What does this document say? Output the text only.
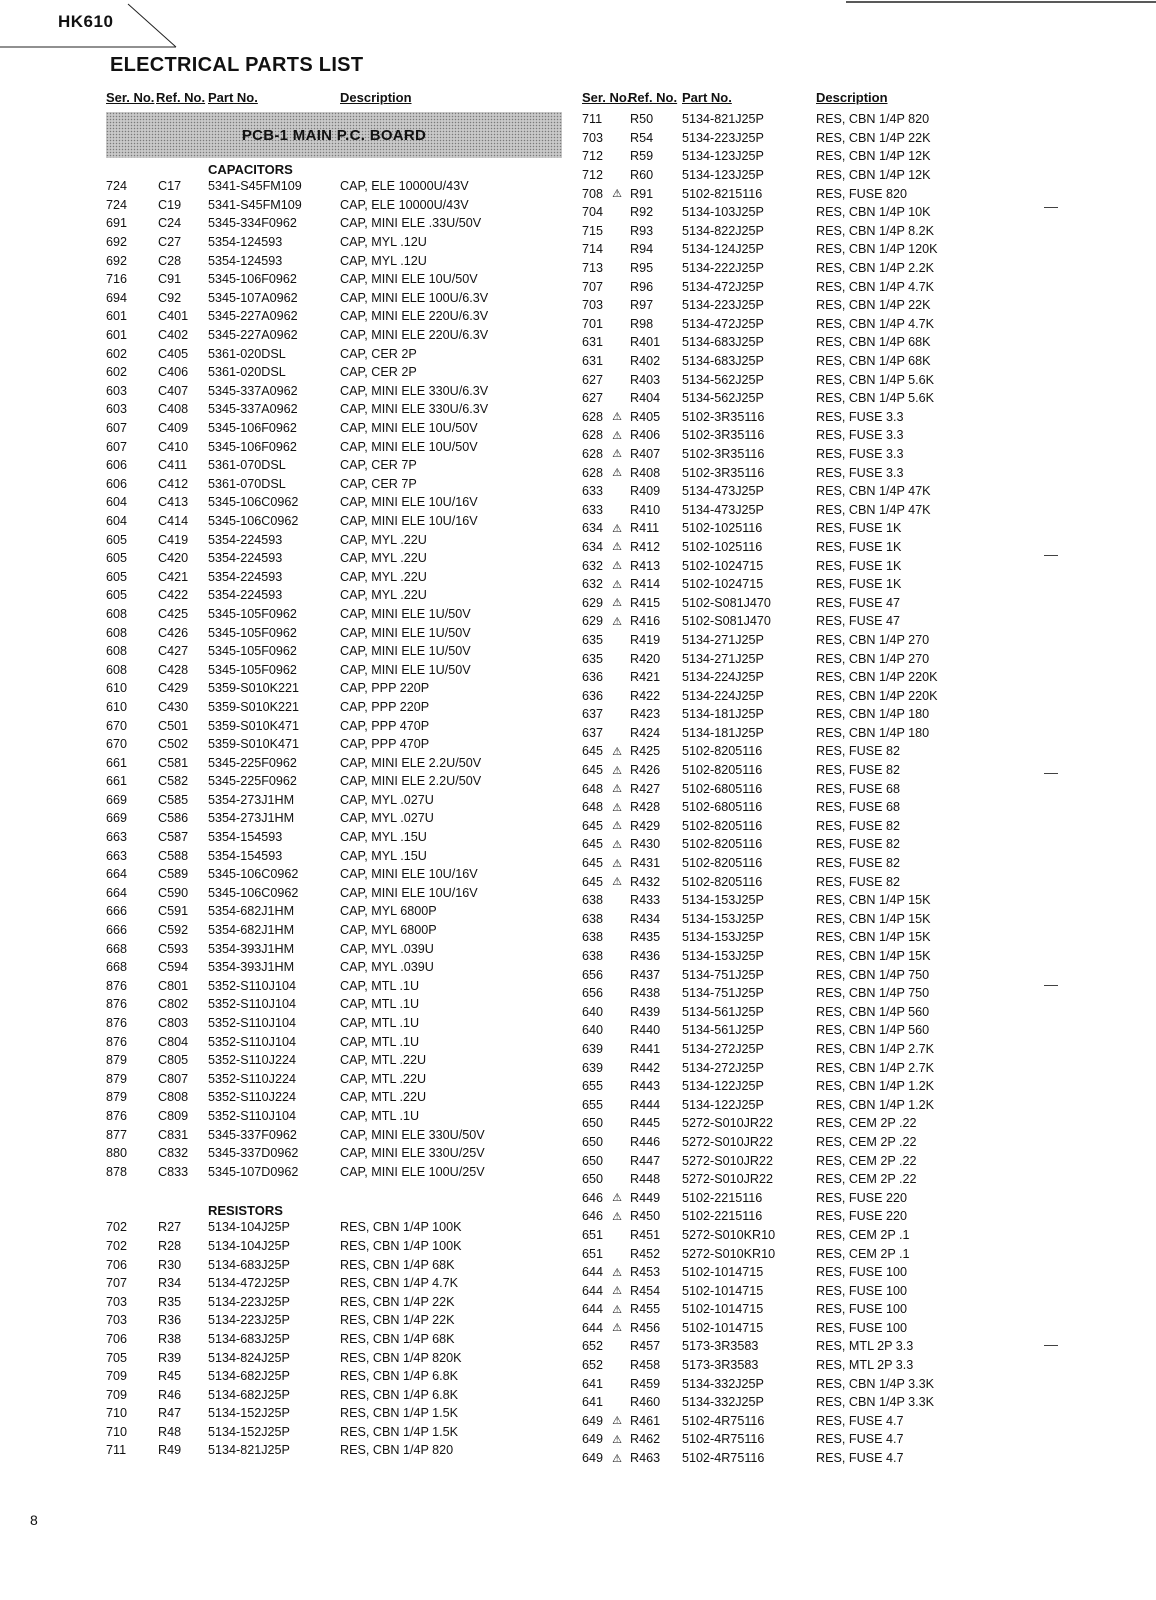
HK610
ELECTRICAL PARTS LIST
PCB-1 MAIN P.C. BOARD
Ser. No. Ref. No. Part No.	Description
CAPACITORS
724	C17 5341-S45FM109	CAP, ELE 10000U/43V
724	C19 5341-S45FM109	CAP, ELE 10000U/43V
691	C24 5345-334F0962	CAP, MINI ELE .33U/50V
692	C27 5354-124593	CAP, MYL .12U
692	C28 5354-124593	CAP, MYL .12U
716	C91 5345-106F0962	CAP, MINI ELE 10U/50V
694	C92 5345-107A0962	CAP, MINI ELE 100U/6.3V
601	C401 5345-227A0962	CAP, MINI ELE 220U/6.3V
601	C402 5345-227A0962	CAP, MINI ELE 220U/6.3V
602	C405 5361-020DSL	CAP, CER 2P
602	C406 5361-020DSL	CAP, CER 2P
603	C407 5345-337A0962	CAP, MINI ELE 330U/6.3V
603	C408 5345-337A0962	CAP, MINI ELE 330U/6.3V
607	C409 5345-106F0962	CAP, MINI ELE 10U/50V
607	C410 5345-106F0962	CAP, MINI ELE 10U/50V
606	C411 5361-070DSL	CAP, CER 7P
606	C412 5361-070DSL	CAP, CER 7P
604	C413 5345-106C0962	CAP, MINI ELE 10U/16V
604	C414 5345-106C0962	CAP, MINI ELE 10U/16V
605	C419 5354-224593	CAP, MYL .22U
605	C420 5354-224593	CAP, MYL .22U
605	C421 5354-224593	CAP, MYL .22U
605	C422 5354-224593	CAP, MYL .22U
608	C425 5345-105F0962	CAP, MINI ELE 1U/50V
608	C426 5345-105F0962	CAP, MINI ELE 1U/50V
608	C427 5345-105F0962	CAP, MINI ELE 1U/50V
608	C428 5345-105F0962	CAP, MINI ELE 1U/50V
610	C429 5359-S010K221	CAP, PPP 220P
610	C430 5359-S010K221	CAP, PPP 220P
670	C501 5359-S010K471	CAP, PPP 470P
670	C502 5359-S010K471	CAP, PPP 470P
661	C581 5345-225F0962	CAP, MINI ELE 2.2U/50V
661	C582 5345-225F0962	CAP, MINI ELE 2.2U/50V
669	C585 5354-273J1HM	CAP, MYL .027U
669	C586 5354-273J1HM	CAP, MYL .027U
663	C587 5354-154593	CAP, MYL .15U
663	C588 5354-154593	CAP, MYL .15U
664	C589 5345-106C0962	CAP, MINI ELE 10U/16V
664	C590 5345-106C0962	CAP, MINI ELE 10U/16V
666	C591 5354-682J1HM	CAP, MYL 6800P
666	C592 5354-682J1HM	CAP, MYL 6800P
668	C593 5354-393J1HM	CAP, MYL .039U
668	C594 5354-393J1HM	CAP, MYL .039U
876	C801 5352-S110J104	CAP, MTL .1U
876	C802 5352-S110J104	CAP, MTL .1U
876	C803 5352-S110J104	CAP, MTL .1U
876	C804 5352-S110J104	CAP, MTL .1U
879	C805 5352-S110J224	CAP, MTL .22U
879	C807 5352-S110J224	CAP, MTL .22U
879	C808 5352-S110J224	CAP, MTL .22U
876	C809 5352-S110J104	CAP, MTL .1U
877	C831 5345-337F0962	CAP, MINI ELE 330U/50V
880	C832 5345-337D0962	CAP, MINI ELE 330U/25V
878	C833 5345-107D0962	CAP, MINI ELE 100U/25V
RESISTORS
702	R27 5134-104J25P	RES, CBN 1/4P 100K
702	R28 5134-104J25P	RES, CBN 1/4P 100K
706	R30 5134-683J25P	RES, CBN 1/4P 68K
707	R34 5134-472J25P	RES, CBN 1/4P 4.7K
703	R35 5134-223J25P	RES, CBN 1/4P 22K
703	R36 5134-223J25P	RES, CBN 1/4P 22K
706	R38 5134-683J25P	RES, CBN 1/4P 68K
705	R39 5134-824J25P	RES, CBN 1/4P 820K
709	R45 5134-682J25P	RES, CBN 1/4P 6.8K
709	R46 5134-682J25P	RES, CBN 1/4P 6.8K
710	R47 5134-152J25P	RES, CBN 1/4P 1.5K
710	R48 5134-152J25P	RES, CBN 1/4P 1.5K
711	R49 5134-821J25P	RES, CBN 1/4P 820
Ser. No.
Ref. No. Part No.	Description
711	R50 5134-821J25P	RES, CBN 1/4P 820
703	R54 5134-223J25P	RES, CBN 1/4P 22K
712	R59 5134-123J25P	RES, CBN 1/4P 12K
712	R60 5134-123J25P	RES, CBN 1/4P 12K
708 ⚠ R91 5102-8215116	RES, FUSE 820
704	R92 5134-103J25P	RES, CBN 1/4P 10K
715	R93 5134-822J25P	RES, CBN 1/4P 8.2K
714	R94 5134-124J25P	RES, CBN 1/4P 120K
713	R95 5134-222J25P	RES, CBN 1/4P 2.2K
707	R96 5134-472J25P	RES, CBN 1/4P 4.7K
703	R97 5134-223J25P	RES, CBN 1/4P 22K
701	R98 5134-472J25P	RES, CBN 1/4P 4.7K
631	R401 5134-683J25P	RES, CBN 1/4P 68K
631	R402 5134-683J25P	RES, CBN 1/4P 68K
627	R403 5134-562J25P	RES, CBN 1/4P 5.6K
627	R404 5134-562J25P	RES, CBN 1/4P 5.6K
628 ⚠ R405 5102-3R35116	RES, FUSE 3.3
628 ⚠ R406 5102-3R35116	RES, FUSE 3.3
628 ⚠ R407 5102-3R35116	RES, FUSE 3.3
628 ⚠ R408 5102-3R35116	RES, FUSE 3.3
633	R409 5134-473J25P	RES, CBN 1/4P 47K
633	R410 5134-473J25P	RES, CBN 1/4P 47K
634 ⚠ R411 5102-1025116	RES, FUSE 1K
634 ⚠ R412 5102-1025116	RES, FUSE 1K
632 ⚠ R413 5102-1024715	RES, FUSE 1K
632 ⚠ R414 5102-1024715	RES, FUSE 1K
629 ⚠ R415 5102-S081J470	RES, FUSE 47
629 ⚠ R416 5102-S081J470	RES, FUSE 47
635	R419 5134-271J25P	RES, CBN 1/4P 270
635	R420 5134-271J25P	RES, CBN 1/4P 270
636	R421 5134-224J25P	RES, CBN 1/4P 220K
636	R422 5134-224J25P	RES, CBN 1/4P 220K
637	R423 5134-181J25P	RES, CBN 1/4P 180
637	R424 5134-181J25P	RES, CBN 1/4P 180
645 ⚠ R425 5102-8205116	RES, FUSE 82
645 ⚠ R426 5102-8205116	RES, FUSE 82
648 ⚠ R427 5102-6805116	RES, FUSE 68
648 ⚠ R428 5102-6805116	RES, FUSE 68
645 ⚠ R429 5102-8205116	RES, FUSE 82
645 ⚠ R430 5102-8205116	RES, FUSE 82
645 ⚠ R431 5102-8205116	RES, FUSE 82
645 ⚠ R432 5102-8205116	RES, FUSE 82
638	R433 5134-153J25P	RES, CBN 1/4P 15K
638	R434 5134-153J25P	RES, CBN 1/4P 15K
638	R435 5134-153J25P	RES, CBN 1/4P 15K
638	R436 5134-153J25P	RES, CBN 1/4P 15K
656	R437 5134-751J25P	RES, CBN 1/4P 750
656	R438 5134-751J25P	RES, CBN 1/4P 750
640	R439 5134-561J25P	RES, CBN 1/4P 560
640	R440 5134-561J25P	RES, CBN 1/4P 560
639	R441 5134-272J25P	RES, CBN 1/4P 2.7K
639	R442 5134-272J25P	RES, CBN 1/4P 2.7K
655	R443 5134-122J25P	RES, CBN 1/4P 1.2K
655	R444 5134-122J25P	RES, CBN 1/4P 1.2K
650	R445 5272-S010JR22	RES, CEM 2P .22
650	R446 5272-S010JR22	RES, CEM 2P .22
650	R447 5272-S010JR22	RES, CEM 2P .22
650	R448 5272-S010JR22	RES, CEM 2P .22
646 ⚠ R449 5102-2215116	RES, FUSE 220
646 ⚠ R450 5102-2215116	RES, FUSE 220
651	R451 5272-S010KR10	RES, CEM 2P .1
651	R452 5272-S010KR10	RES, CEM 2P .1
644 ⚠ R453 5102-1014715	RES, FUSE 100
644 ⚠ R454 5102-1014715	RES, FUSE 100
644 ⚠ R455 5102-1014715	RES, FUSE 100
644 ⚠ R456 5102-1014715	RES, FUSE 100
652	R457 5173-3R3583	RES, MTL 2P 3.3
652	R458 5173-3R3583	RES, MTL 2P 3.3
641	R459 5134-332J25P	RES, CBN 1/4P 3.3K
641	R460 5134-332J25P	RES, CBN 1/4P 3.3K
649 ⚠ R461 5102-4R75116	RES, FUSE 4.7
649 ⚠ R462 5102-4R75116	RES, FUSE 4.7
649 ⚠ R463 5102-4R75116	RES, FUSE 4.7
—
—
—
—
—
8
